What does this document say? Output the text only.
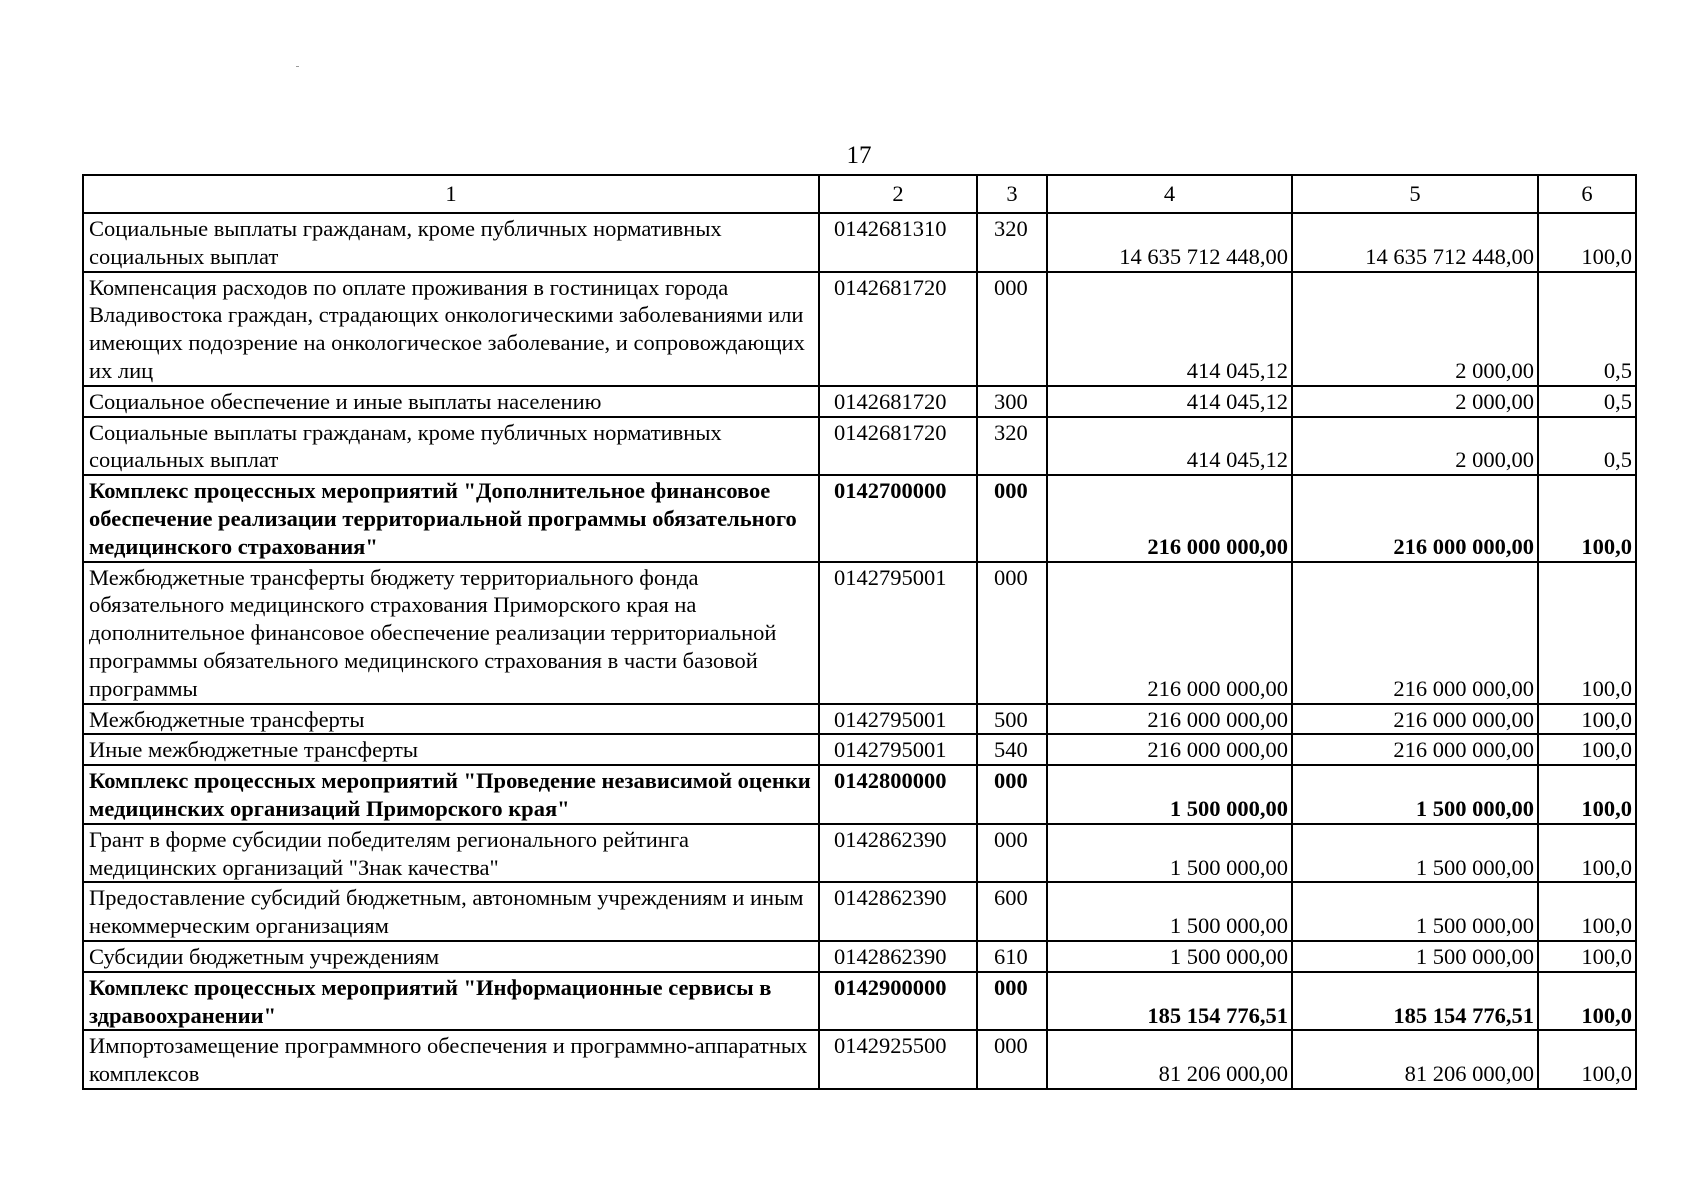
17
1	2	3	4	5	6
Социальные выплаты гражданам, кроме публичных нормативных социальных выплат	0142681310	320	14 635 712 448,00	14 635 712 448,00	100,0
Компенсация расходов по оплате проживания в гостиницах города Владивостока граждан, страдающих онкологическими заболеваниями или имеющих подозрение на онкологическое заболевание, и сопровождающих их лиц	0142681720	000	414 045,12	2 000,00	0,5
Социальное обеспечение и иные выплаты населению	0142681720	300	414 045,12	2 000,00	0,5
Социальные выплаты гражданам, кроме публичных нормативных социальных выплат	0142681720	320	414 045,12	2 000,00	0,5
Комплекс процессных мероприятий "Дополнительное финансовое обеспечение реализации территориальной программы обязательного медицинского страхования"	0142700000	000	216 000 000,00	216 000 000,00	100,0
Межбюджетные трансферты бюджету территориального фонда обязательного медицинского страхования Приморского края на дополнительное финансовое обеспечение реализации территориальной программы обязательного медицинского страхования в части базовой программы	0142795001	000	216 000 000,00	216 000 000,00	100,0
Межбюджетные трансферты	0142795001	500	216 000 000,00	216 000 000,00	100,0
Иные межбюджетные трансферты	0142795001	540	216 000 000,00	216 000 000,00	100,0
Комплекс процессных мероприятий "Проведение независимой оценки медицинских организаций Приморского края"	0142800000	000	1 500 000,00	1 500 000,00	100,0
Грант в форме субсидии победителям регионального рейтинга медицинских организаций "Знак качества"	0142862390	000	1 500 000,00	1 500 000,00	100,0
Предоставление субсидий бюджетным, автономным учреждениям и иным некоммерческим организациям	0142862390	600	1 500 000,00	1 500 000,00	100,0
Субсидии бюджетным учреждениям	0142862390	610	1 500 000,00	1 500 000,00	100,0
Комплекс процессных мероприятий "Информационные сервисы в здравоохранении"	0142900000	000	185 154 776,51	185 154 776,51	100,0
Импортозамещение программного обеспечения и программно-аппаратных комплексов	0142925500	000	81 206 000,00	81 206 000,00	100,0
